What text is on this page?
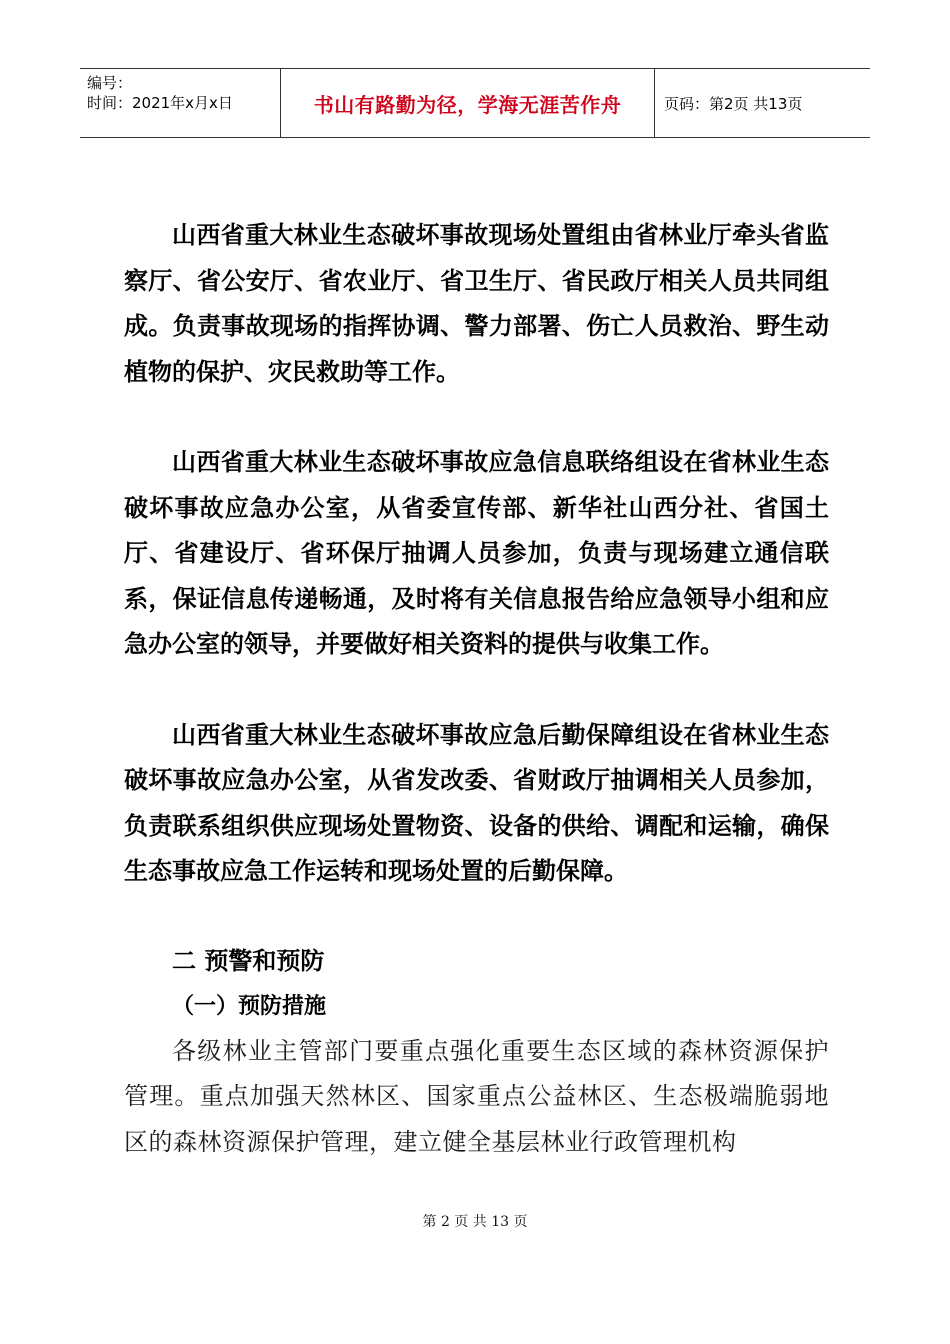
编号：
时间：2021年x月x日	书山有路勤为径，学海无涯苦作舟	页码：第2页 共13页

山西省重大林业生态破坏事故现场处置组由省林业厅牵头省监察厅、省公安厅、省农业厅、省卫生厅、省民政厅相关人员共同组成。负责事故现场的指挥协调、警力部署、伤亡人员救治、野生动植物的保护、灾民救助等工作。

山西省重大林业生态破坏事故应急信息联络组设在省林业生态破坏事故应急办公室，从省委宣传部、新华社山西分社、省国土厅、省建设厅、省环保厅抽调人员参加，负责与现场建立通信联系，保证信息传递畅通，及时将有关信息报告给应急领导小组和应急办公室的领导，并要做好相关资料的提供与收集工作。

山西省重大林业生态破坏事故应急后勤保障组设在省林业生态破坏事故应急办公室，从省发改委、省财政厅抽调相关人员参加，负责联系组织供应现场处置物资、设备的供给、调配和运输，确保生态事故应急工作运转和现场处置的后勤保障。

二 预警和预防

（一）预防措施

各级林业主管部门要重点强化重要生态区域的森林资源保护管理。重点加强天然林区、国家重点公益林区、生态极端脆弱地区的森林资源保护管理，建立健全基层林业行政管理机构

第 2 页 共 13 页
